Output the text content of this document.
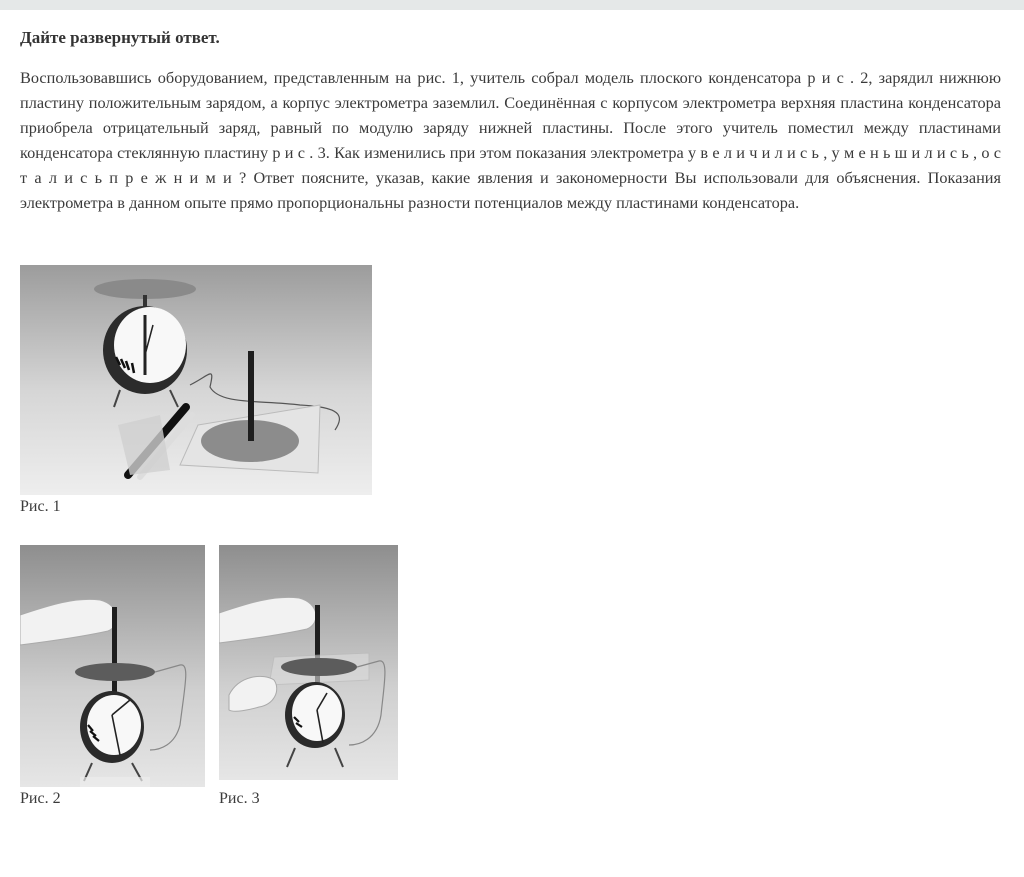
Дайте развернутый ответ.
Воспользовавшись оборудованием, представленным на рис. 1, учитель собрал модель плоского конденсатора р и с . 2, зарядил нижнюю пластину положительным зарядом, а корпус электрометра заземлил. Соединённая с корпусом электрометра верхняя пластина конденсатора приобрела отрицательный заряд, равный по модулю заряду нижней пластины. После этого учитель поместил между пластинами конденсатора стеклянную пластину р и с . 3. Как изменились при этом показания электрометра у в е л и ч и л и с ь , у м е н ь ш и л и с ь , о с т а л и с ь п р е ж н и м и ? Ответ поясните, указав, какие явления и закономерности Вы использовали для объяснения. Показания электрометра в данном опыте прямо пропорциональны разности потенциалов между пластинами конденсатора.
Рис. 1
Рис. 2	Рис. 3
